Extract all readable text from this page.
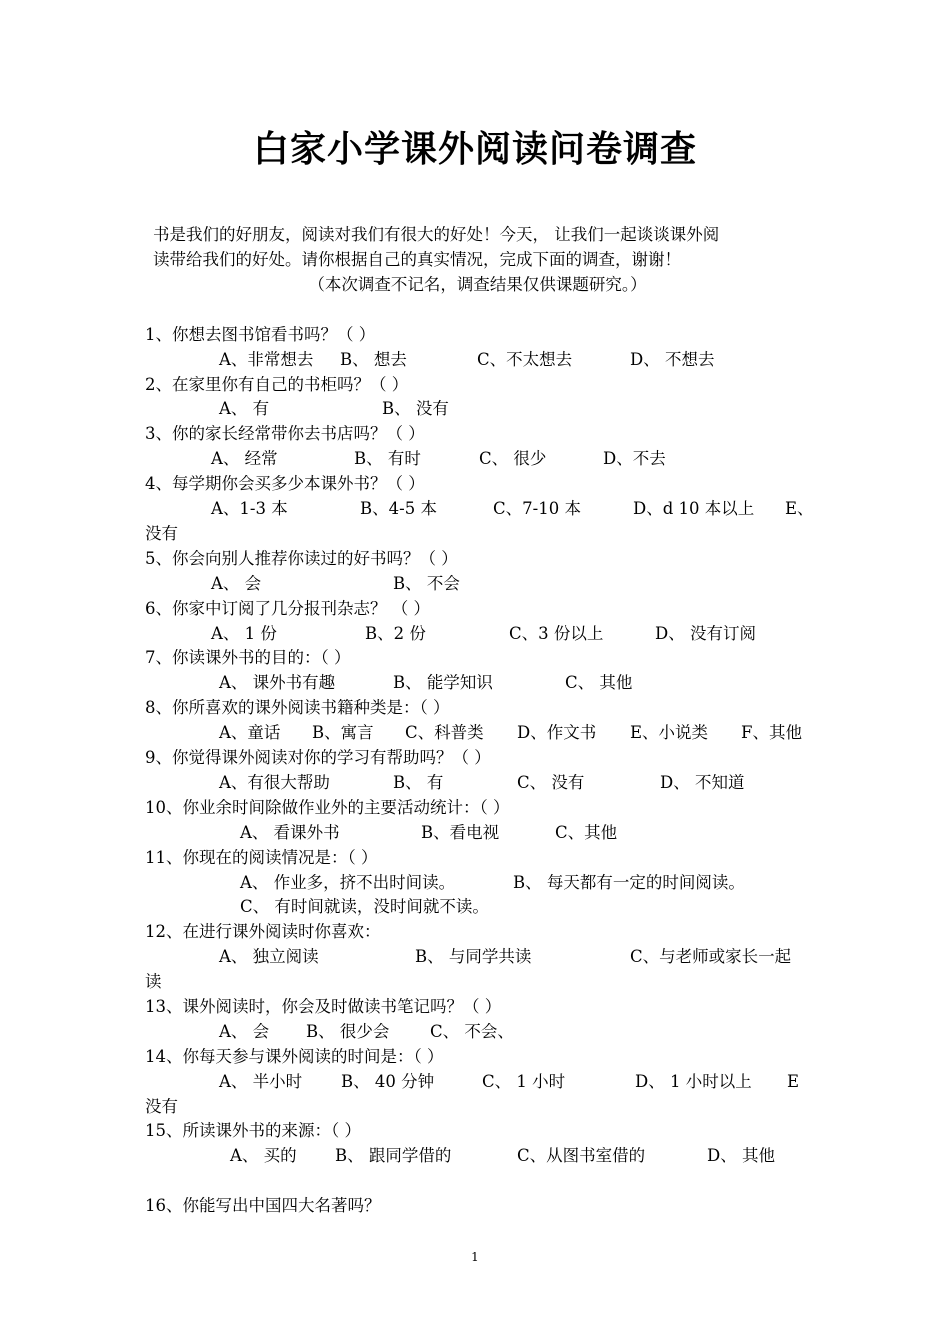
白家小学课外阅读问卷调查

书是我们的好朋友，阅读对我们有很大的好处！今天， 让我们一起谈谈课外阅

读带给我们的好处。请你根据自己的真实情况，完成下面的调查，谢谢！

（本次调查不记名，调查结果仅供课题研究。）

1、你想去图书馆看书吗？（ ）
A、非常想去 B、 想去	C、不太想去	D、 不想去
2、在家里你有自己的书柜吗？（ ）
A、 有	B、 没有
3、你的家长经常带你去书店吗？（ ）
A、 经常	B、 有时	C、 很少	D、不去
4、每学期你会买多少本课外书？（ ）
A、1-3 本	B、4-5 本	C、7-10 本	D、d 10 本以上 E、
没有
5、你会向别人推荐你读过的好书吗？（ ）
A、 会	B、 不会
6、你家中订阅了几分报刊杂志？ （ ）
A、 1 份	B、2 份	C、3 份以上	D、 没有订阅
7、你读课外书的目的：（ ）
A、 课外书有趣	B、 能学知识	C、 其他
8、你所喜欢的课外阅读书籍种类是：（ ）
A、童话 B、寓言 C、科普类 D、作文书 E、小说类 F、其他
9、你觉得课外阅读对你的学习有帮助吗？（ ）
A、有很大帮助	B、 有	C、 没有	D、 不知道
10、你业余时间除做作业外的主要活动统计：（ ）
A、 看课外书	B、看电视	C、其他
11、你现在的阅读情况是：（ ）
A、 作业多，挤不出时间读。	B、 每天都有一定的时间阅读。
C、 有时间就读，没时间就不读。
12、在进行课外阅读时你喜欢：
A、 独立阅读	B、 与同学共读	C、与老师或家长一起
读
13、课外阅读时，你会及时做读书笔记吗？（ ）
A、 会 B、 很少会 C、 不会、
14、你每天参与课外阅读的时间是：（ ）
A、 半小时 B、 40 分钟	C、 1 小时	D、 1 小时以上 E
没有
15、所读课外书的来源：（ ）
A、 买的 B、 跟同学借的	C、从图书室借的	D、 其他
16、你能写出中国四大名著吗？
1
